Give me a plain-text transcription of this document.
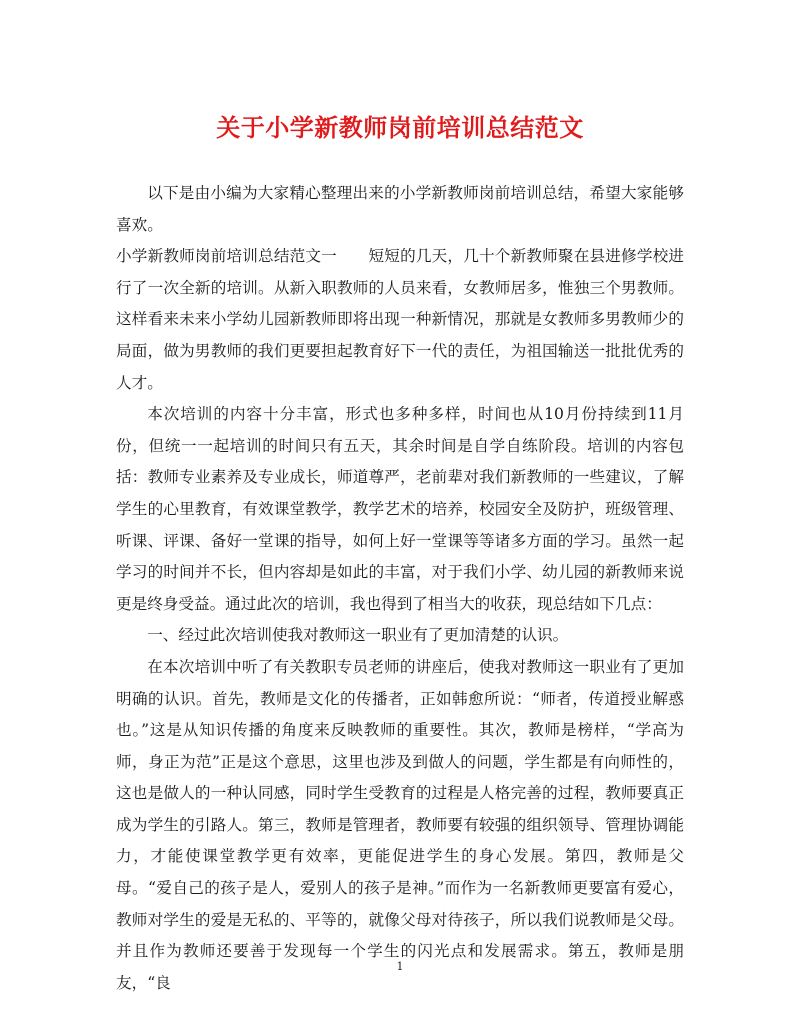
关于小学新教师岗前培训总结范文

以下是由小编为大家精心整理出来的小学新教师岗前培训总结，希望大家能够喜欢。

小学新教师岗前培训总结范文一　　短短的几天，几十个新教师聚在县进修学校进行了一次全新的培训。从新入职教师的人员来看，女教师居多，惟独三个男教师。这样看来未来小学幼儿园新教师即将出现一种新情况，那就是女教师多男教师少的局面，做为男教师的我们更要担起教育好下一代的责任，为祖国输送一批批优秀的人才。

本次培训的内容十分丰富，形式也多种多样，时间也从10月份持续到11月份，但统一一起培训的时间只有五天，其余时间是自学自练阶段。培训的内容包括：教师专业素养及专业成长，师道尊严，老前辈对我们新教师的一些建议，了解学生的心里教育，有效课堂教学，教学艺术的培养，校园安全及防护，班级管理、听课、评课、备好一堂课的指导，如何上好一堂课等等诸多方面的学习。虽然一起学习的时间并不长，但内容却是如此的丰富，对于我们小学、幼儿园的新教师来说更是终身受益。通过此次的培训，我也得到了相当大的收获，现总结如下几点：

一、经过此次培训使我对教师这一职业有了更加清楚的认识。

在本次培训中听了有关教职专员老师的讲座后，使我对教师这一职业有了更加明确的认识。首先，教师是文化的传播者，正如韩愈所说：“师者，传道授业解惑也。”这是从知识传播的角度来反映教师的重要性。其次，教师是榜样，“学高为师，身正为范”正是这个意思，这里也涉及到做人的问题，学生都是有向师性的，这也是做人的一种认同感，同时学生受教育的过程是人格完善的过程，教师要真正成为学生的引路人。第三，教师是管理者，教师要有较强的组织领导、管理协调能力，才能使课堂教学更有效率，更能促进学生的身心发展。第四，教师是父母。“爱自己的孩子是人，爱别人的孩子是神。”而作为一名新教师更要富有爱心，教师对学生的爱是无私的、平等的，就像父母对待孩子，所以我们说教师是父母。并且作为教师还要善于发现每一个学生的闪光点和发展需求。第五，教师是朋友，“良

1
